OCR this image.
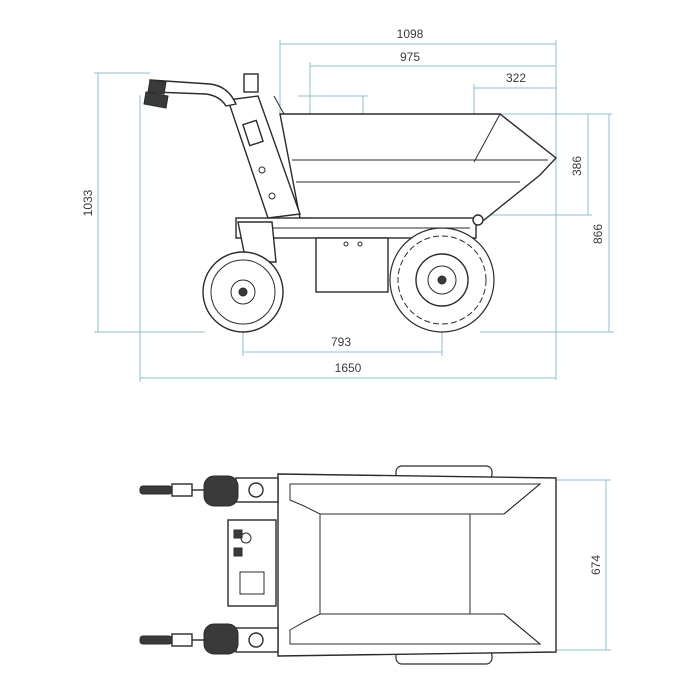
1098
975
322
386
866
1033
793
1650
674
